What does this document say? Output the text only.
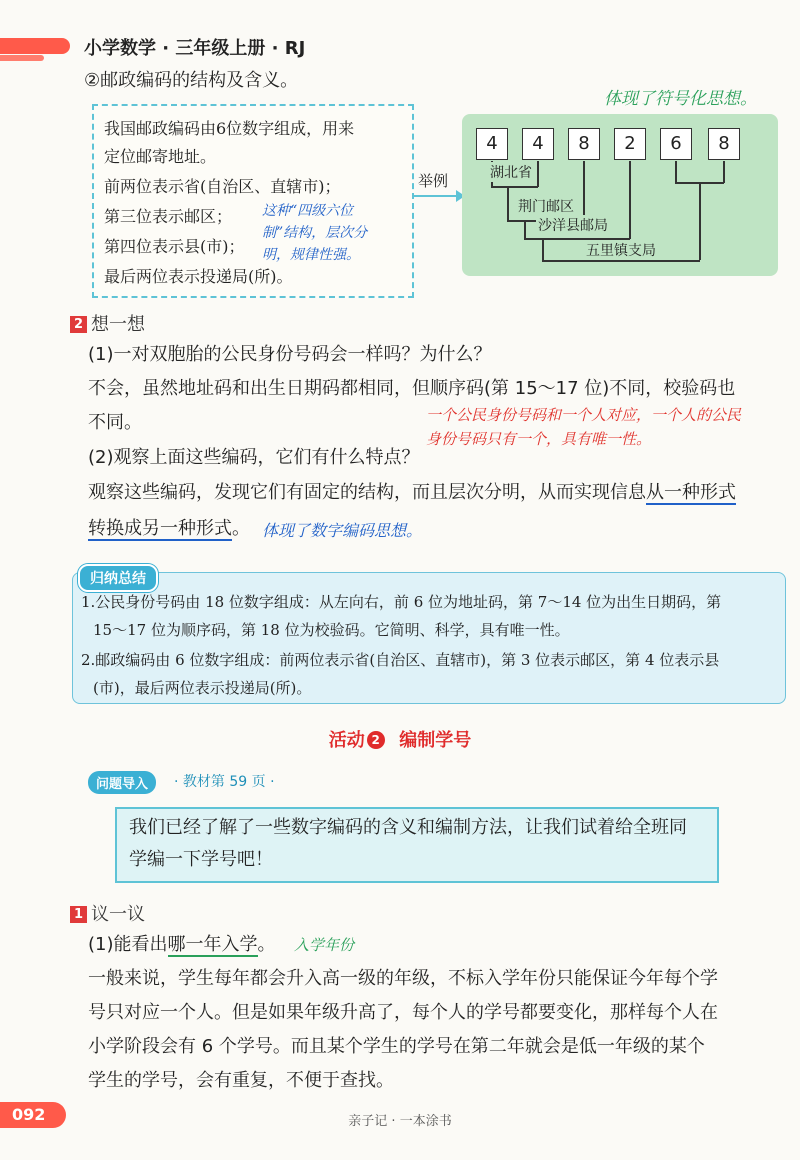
小学数学 · 三年级上册 · RJ
②邮政编码的结构及含义。
体现了符号化思想。
我国邮政编码由6位数字组成，用来
定位邮寄地址。
前两位表示省(自治区、直辖市)；
第三位表示邮区；
第四位表示县(市)；
最后两位表示投递局(所)。
这种“四级六位
制”结构，层次分
明，规律性强。
举例
4	4	8	2	6	8
湖北省
荆门邮区
沙洋县邮局
五里镇支局
2 想一想
(1)一对双胞胎的公民身份号码会一样吗？为什么？
不会，虽然地址码和出生日期码都相同，但顺序码(第 15～17 位)不同，校验码也
不同。	一个公民身份号码和一个人对应，一个人的公民
身份号码只有一个，具有唯一性。
(2)观察上面这些编码，它们有什么特点？
观察这些编码，发现它们有固定的结构，而且层次分明，从而实现信息从一种形式
转换成另一种形式。 体现了数字编码思想。
1.公民身份号码由 18 位数字组成：从左向右，前 6 位为地址码，第 7～14 位为出生日期码，第
15～17 位为顺序码，第 18 位为校验码。它简明、科学，具有唯一性。
2.邮政编码由 6 位数字组成：前两位表示省(自治区、直辖市)，第 3 位表示邮区，第 4 位表示县
(市)，最后两位表示投递局(所)。
归纳总结
活动 2 编制学号
问题导入	· 教材第 59 页 ·
我们已经了解了一些数字编码的含义和编制方法，让我们试着给全班同
学编一下学号吧！
1 议一议
(1)能看出哪一年入学。 入学年份
一般来说，学生每年都会升入高一级的年级，不标入学年份只能保证今年每个学
号只对应一个人。但是如果年级升高了，每个人的学号都要变化，那样每个人在
小学阶段会有 6 个学号。而且某个学生的学号在第二年就会是低一年级的某个
学生的学号，会有重复，不便于查找。
092	亲子记 · 一本涂书
